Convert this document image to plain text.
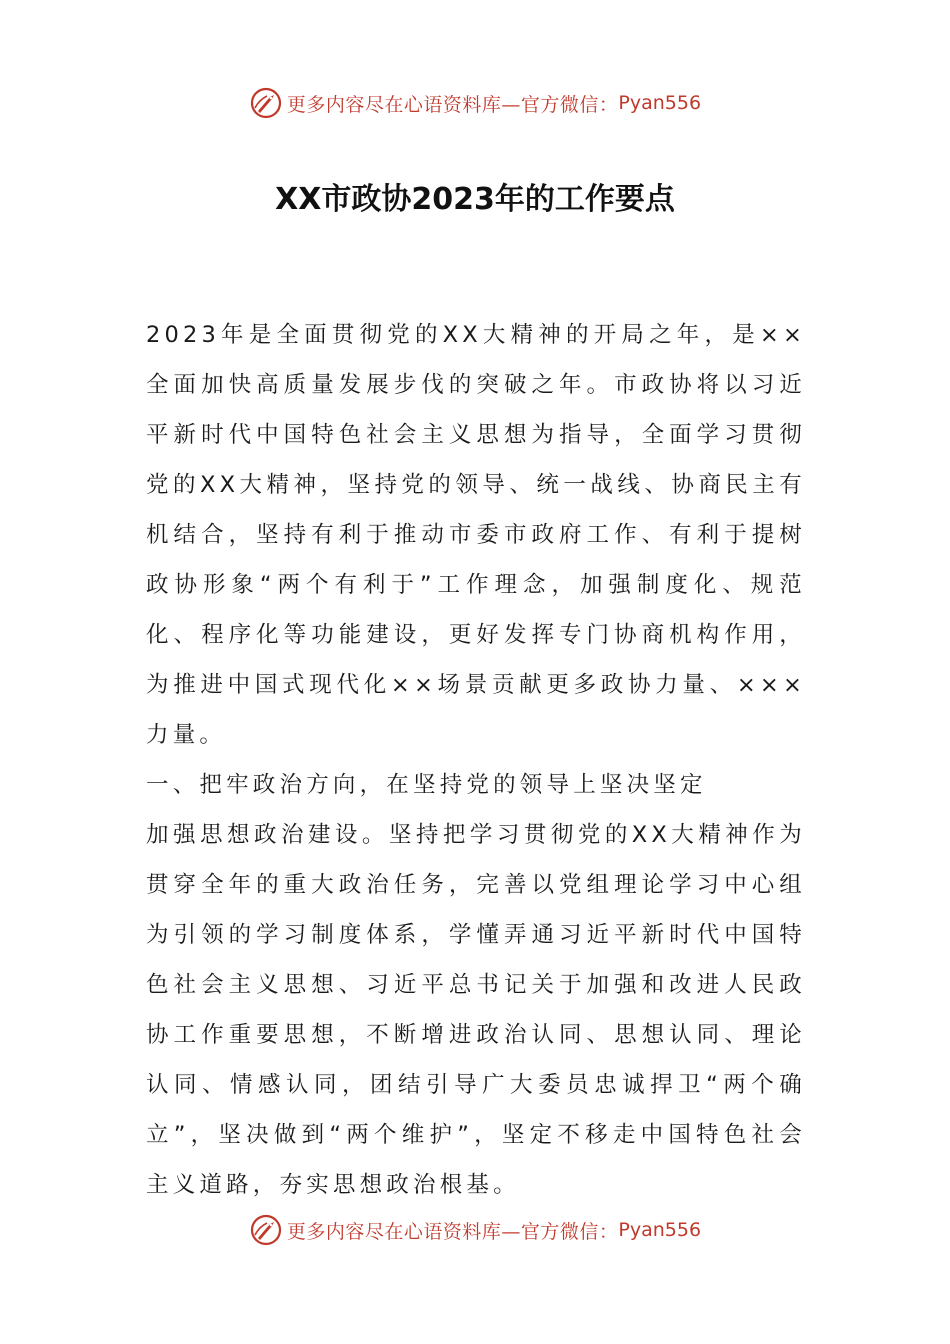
更多内容尽在心语资料库—官方微信： Pyan556
XX市政协2023年的工作要点

2023年是全面贯彻党的XX大精神的开局之年，是××全面加快高质量发展步伐的突破之年。市政协将以习近平新时代中国特色社会主义思想为指导，全面学习贯彻党的XX大精神，坚持党的领导、统一战线、协商民主有机结合，坚持有利于推动市委市政府工作、有利于提树政协形象“两个有利于”工作理念，加强制度化、规范化、程序化等功能建设，更好发挥专门协商机构作用，为推进中国式现代化××场景贡献更多政协力量、×××力量。

一、把牢政治方向，在坚持党的领导上坚决坚定

加强思想政治建设。坚持把学习贯彻党的XX大精神作为贯穿全年的重大政治任务，完善以党组理论学习中心组为引领的学习制度体系，学懂弄通习近平新时代中国特色社会主义思想、习近平总书记关于加强和改进人民政协工作重要思想，不断增进政治认同、思想认同、理论认同、情感认同，团结引导广大委员忠诚捍卫“两个确立”，坚决做到“两个维护”，坚定不移走中国特色社会主义道路，夯实思想政治根基。

更多内容尽在心语资料库—官方微信： Pyan556
